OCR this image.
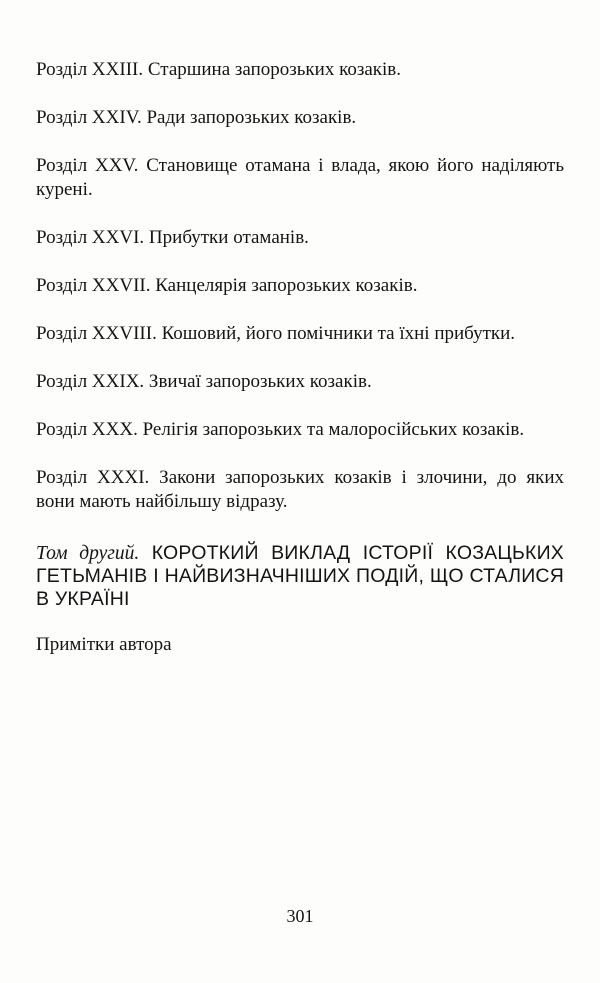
Розділ XXIII. Старшина запорозьких козаків.

Розділ XXIV. Ради запорозьких козаків.

Розділ XXV. Становище отамана і влада, якою його наділяють курені.

Розділ XXVI. Прибутки отаманів.

Розділ XXVII. Канцелярія запорозьких козаків.

Розділ XXVIII. Кошовий, його помічники та їхні прибутки.

Розділ XXIX. Звичаї запорозьких козаків.

Розділ XXX. Релігія запорозьких та малоросійських козаків.

Розділ XXXI. Закони запорозьких козаків і злочини, до яких вони мають найбільшу відразу.

Том другий. КОРОТКИЙ ВИКЛАД ІСТОРІЇ КОЗАЦЬКИХ ГЕТЬМАНІВ І НАЙВИЗНАЧНІШИХ ПОДІЙ, ЩО СТАЛИСЯ В УКРАЇНІ

Примітки автора

301
